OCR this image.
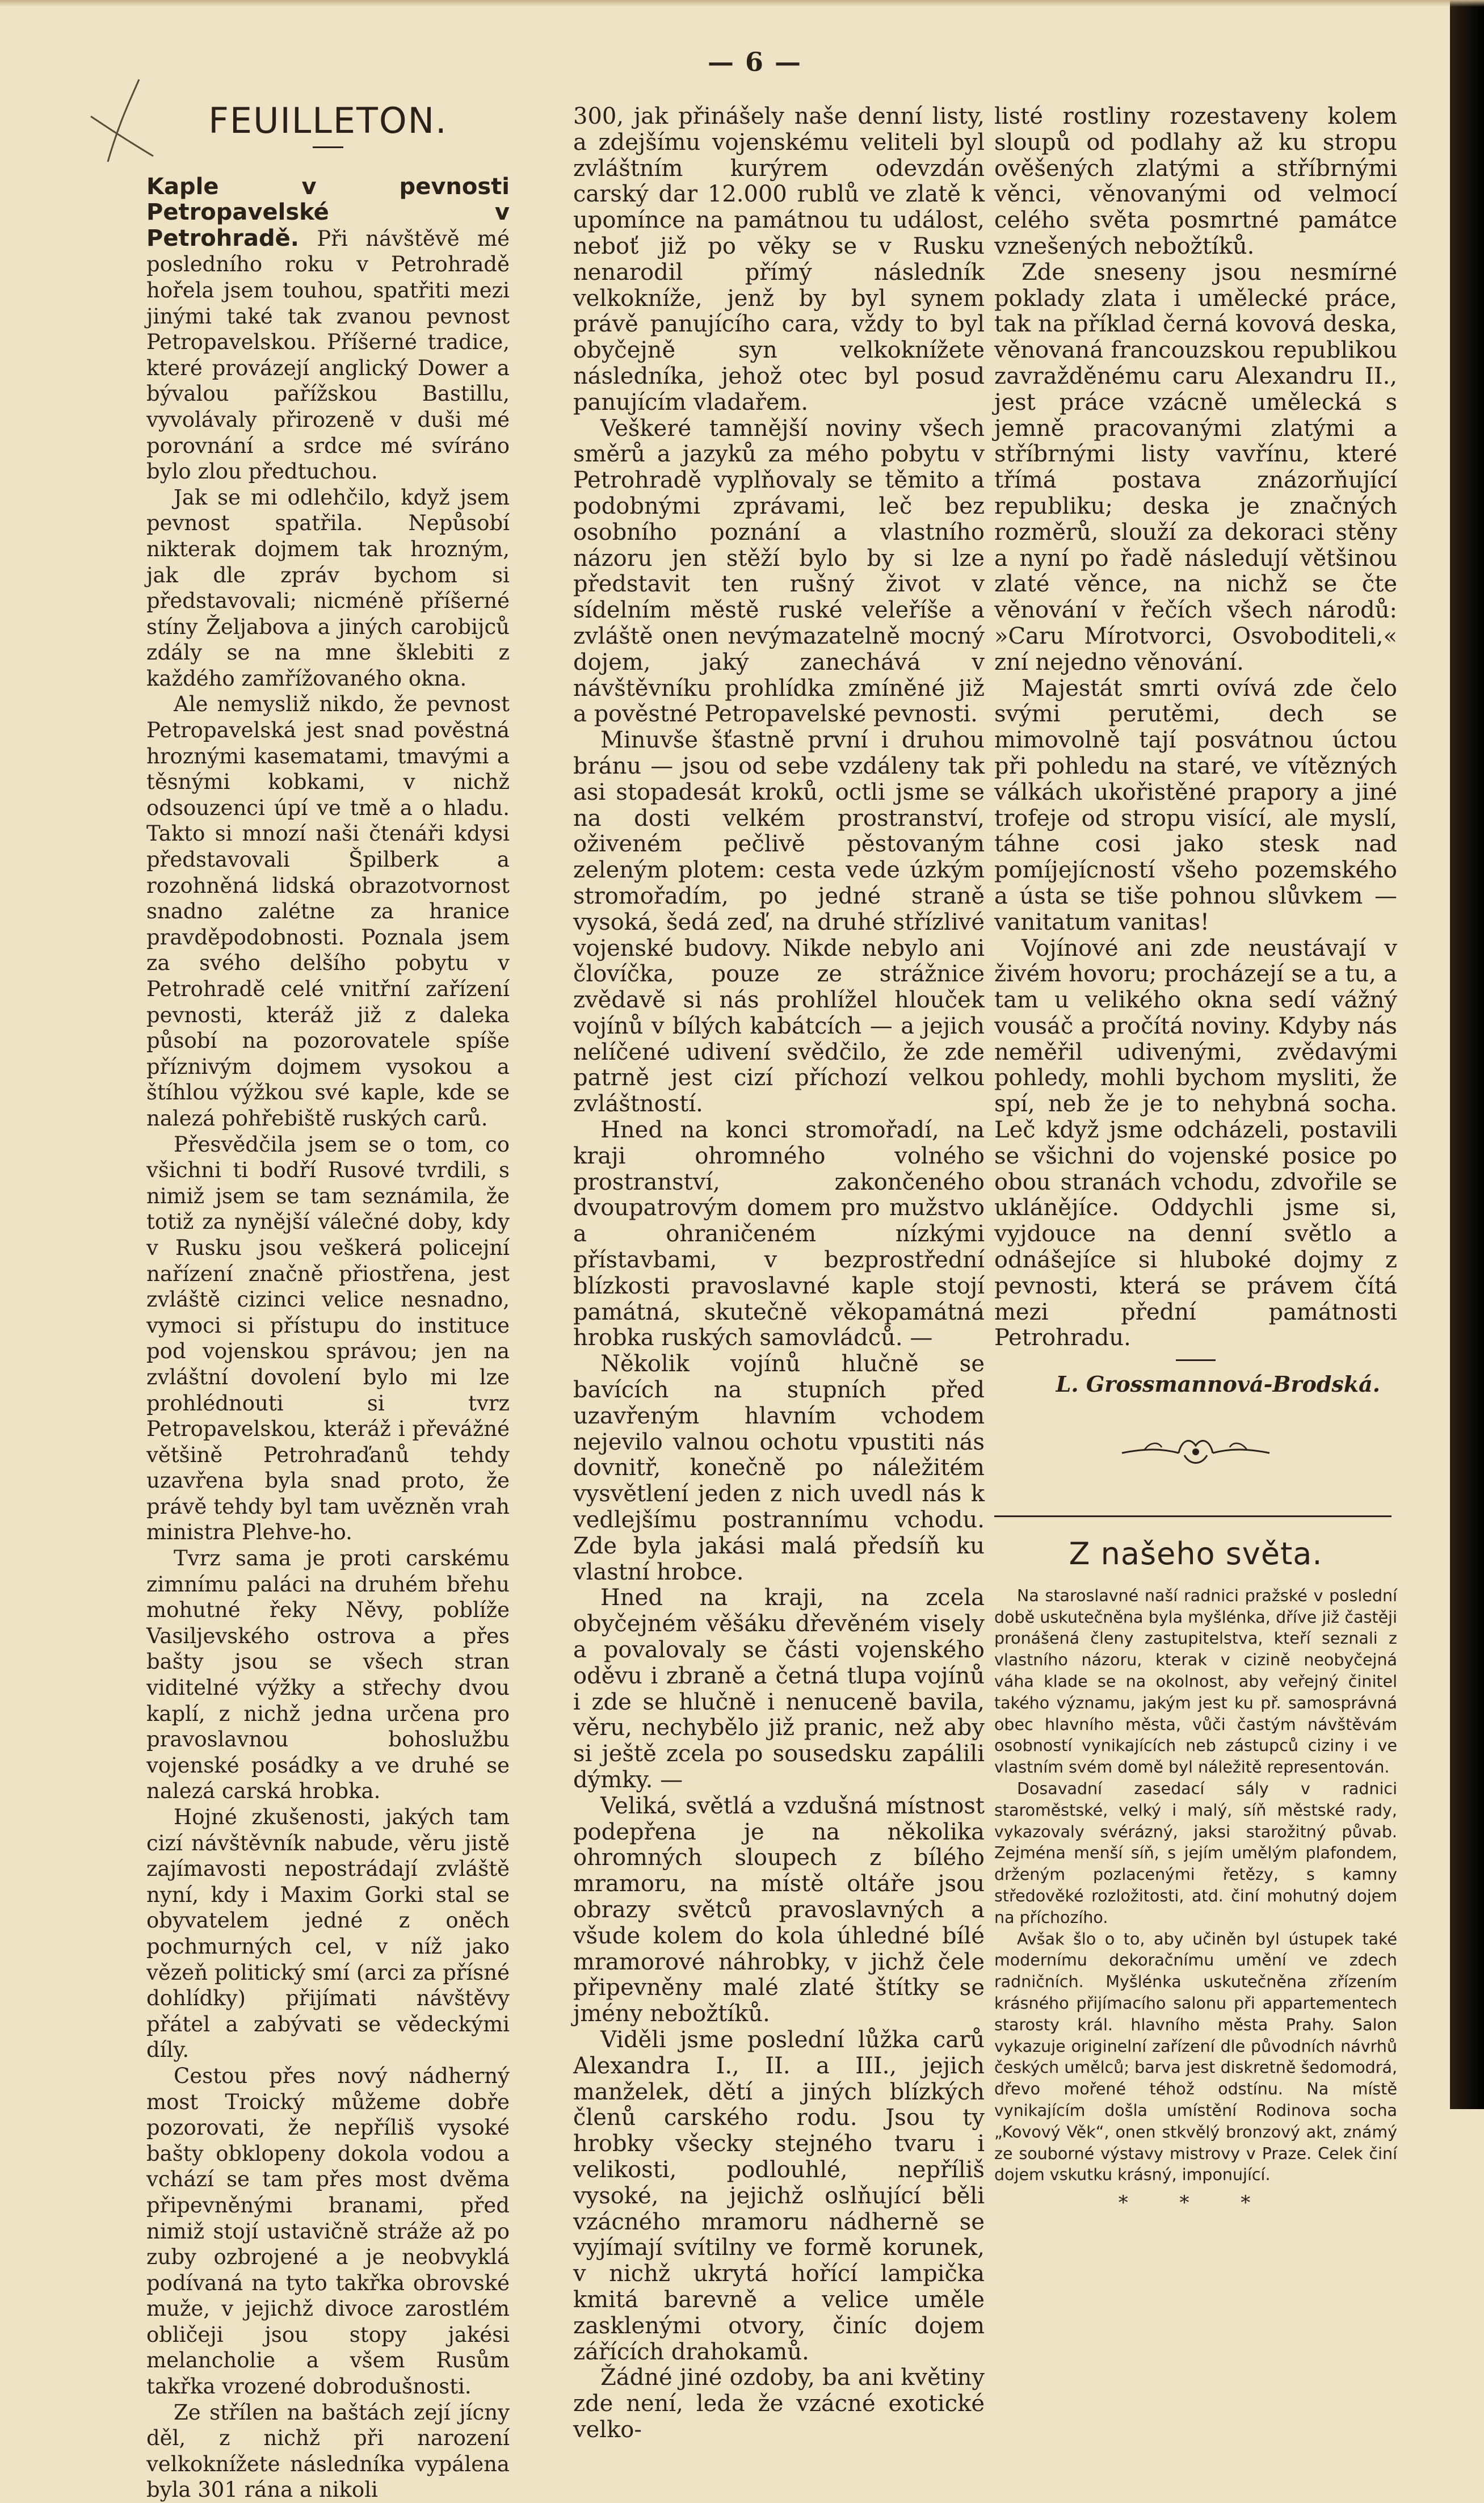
— 6 —
FEUILLETON.

Kaple v pevnosti Petropavelské v Petrohradě. Při návštěvě mé posledního roku v Petrohradě hořela jsem touhou, spatřiti mezi jinými také tak zvanou pevnost Petropavelskou. Příšerné tradice, které provázejí anglický Dower a bývalou pařížskou Bastillu, vyvolávaly přirozeně v duši mé porovnání a srdce mé svíráno bylo zlou předtuchou.

Jak se mi odlehčilo, když jsem pevnost spatřila. Nepůsobí nikterak dojmem tak hrozným, jak dle zpráv bychom si představovali; nicméně příšerné stíny Željabova a jiných carobijců zdály se na mne šklebiti z každého zamřížovaného okna.

Ale nemysliž nikdo, že pevnost Petropavelská jest snad pověstná hroznými kasematami, tmavými a těsnými kobkami, v nichž odsouzenci úpí ve tmě a o hladu. Takto si mnozí naši čtenáři kdysi představovali Špilberk a rozohněná lidská obrazotvornost snadno zalétne za hranice pravděpodobnosti. Poznala jsem za svého delšího pobytu v Petrohradě celé vnitřní zařízení pevnosti, kteráž již z daleka působí na pozorovatele spíše příznivým dojmem vysokou a štíhlou výžkou své kaple, kde se nalezá pohřebiště ruských carů.

Přesvědčila jsem se o tom, co všichni ti bodří Rusové tvrdili, s nimiž jsem se tam seznámila, že totiž za nynější válečné doby, kdy v Rusku jsou veškerá policejní nařízení značně přiostřena, jest zvláště cizinci velice nesnadno, vymoci si přístupu do instituce pod vojenskou správou; jen na zvláštní dovolení bylo mi lze prohlédnouti si tvrz Petropavelskou, kteráž i převážné většině Petrohraďanů tehdy uzavřena byla snad proto, že právě tehdy byl tam uvězněn vrah ministra Plehve-ho.

Tvrz sama je proti carskému zimnímu paláci na druhém břehu mohutné řeky Něvy, poblíže Vasiljevského ostrova a přes bašty jsou se všech stran viditelné výžky a střechy dvou kaplí, z nichž jedna určena pro pravoslavnou bohoslužbu vojenské posádky a ve druhé se nalezá carská hrobka.

Hojné zkušenosti, jakých tam cizí návštěvník nabude, věru jistě zajímavosti nepostrádají zvláště nyní, kdy i Maxim Gorki stal se obyvatelem jedné z oněch pochmurných cel, v níž jako vězeň politický smí (arci za přísné dohlídky) přijímati návštěvy přátel a zabývati se vědeckými díly.

Cestou přes nový nádherný most Troický můžeme dobře pozorovati, že nepříliš vysoké bašty obklopeny dokola vodou a vchází se tam přes most dvěma připevněnými branami, před nimiž stojí ustavičně stráže až po zuby ozbrojené a je neobvyklá podívaná na tyto takřka obrovské muže, v jejichž divoce zarostlém obličeji jsou stopy jakési melancholie a všem Rusům takřka vrozené dobrodušnosti.

Ze střílen na baštách zejí jícny děl, z nichž při narození velkoknížete následníka vypálena byla 301 rána a nikoli

300, jak přinášely naše denní listy, a zdejšímu vojenskému veliteli byl zvláštním kurýrem odevzdán carský dar 12.000 rublů ve zlatě k upomínce na památnou tu událost, neboť již po věky se v Rusku nenarodil přímý následník velkoknížе, jenž by byl synem právě panujícího cara, vždy to byl obyčejně syn velkoknížete následníka, jehož otec byl posud panujícím vladařem.

Veškeré tamnější noviny všech směrů a jazyků za mého pobytu v Petrohradě vyplňovaly se těmito a podobnými zprávami, leč bez osobního poznání a vlastního názoru jen stěží bylo by si lze představit ten rušný život v sídelním městě ruské veleříše a zvláště onen nevýmazatelně mocný dojem, jaký zanechává v návštěvníku prohlídka zmíněné již a pověstné Petropavelské pevnosti.

Minuvše šťastně první i druhou bránu — jsou od sebe vzdáleny tak asi stopadesát kroků, octli jsme se na dosti velkém prostranství, oživeném pečlivě pěstovaným zeleným plotem: cesta vede úzkým stromořadím, po jedné straně vysoká, šedá zeď, na druhé střízlivé vojenské budovy. Nikde nebylo ani človíčka, pouze ze strážnice zvědavě si nás prohlížel hlouček vojínů v bílých kabátcích — a jejich nelíčené udivení svědčilo, že zde patrně jest cizí příchozí velkou zvláštností.

Hned na konci stromořadí, na kraji ohromného volného prostranství, zakončeného dvoupatrovým domem pro mužstvo a ohraničeném nízkými přístavbami, v bezprostřední blízkosti pravoslavné kaple stojí památná, skutečně věkopamátná hrobka ruských samovládců. —

Několik vojínů hlučně se bavících na stupních před uzavřeným hlavním vchodem nejevilo valnou ochotu vpustiti nás dovnitř, konečně po náležitém vysvětlení jeden z nich uvedl nás k vedlejšímu postrannímu vchodu. Zde byla jakási malá předsíň ku vlastní hrobce.

Hned na kraji, na zcela obyčejném věšáku dřevěném visely a povalovaly se části vojenského oděvu i zbraně a četná tlupa vojínů i zde se hlučně i nenuceně bavila, věru, nechybělo již pranic, než aby si ještě zcela po sousedsku zapálili dýmky. —

Veliká, světlá a vzdušná místnost podepřena je na několika ohromných sloupech z bílého mramoru, na místě oltáře jsou obrazy světců pravoslavných a všude kolem do kola úhledné bílé mramorové náhrobky, v jichž čele připevněny malé zlaté štítky se jmény nebožtíků.

Viděli jsme poslední lůžka carů Alexandra I., II. a III., jejich manželek, dětí a jiných blízkých členů carského rodu. Jsou ty hrobky všecky stejného tvaru i velikosti, podlouhlé, nepříliš vysoké, na jejichž oslňující běli vzácného mramoru nádherně se vyjímají svítilny ve formě korunek, v nichž ukrytá hořící lampička kmitá barevně a velice uměle zasklenými otvory, činíc dojem zářících drahokamů.

Žádné jiné ozdoby, ba ani květiny zde není, leda že vzácné exotické velko-

listé rostliny rozestaveny kolem sloupů od podlahy až ku stropu ověšených zlatými a stříbrnými věnci, věnovanými od velmocí celého světa posmrtné památce vznešených nebožtíků.

Zde sneseny jsou nesmírné poklady zlata i umělecké práce, tak na příklad černá kovová deska, věnovaná francouzskou republikou zavražděnému caru Alexandru II., jest práce vzácně umělecká s jemně pracovanými zlatými a stříbrnými listy vavřínu, které třímá postava znázorňující republiku; deska je značných rozměrů, slouží za dekoraci stěny a nyní po řadě následují většinou zlaté věnce, na nichž se čte věnování v řečích všech národů: »Caru Mírotvorci, Osvoboditeli,« zní nejedno věnování.

Majestát smrti ovívá zde čelo svými perutěmi, dech se mimovolně tají posvátnou úctou při pohledu na staré, ve vítězných válkách ukořistěné prapory a jiné trofeje od stropu visící, ale myslí, táhne cosi jako stesk nad pomíjejícností všeho pozemského a ústa se tiše pohnou slůvkem — vanitatum vanitas!

Vojínové ani zde neustávají v živém hovoru; procházejí se a tu, a tam u velikého okna sedí vážný vousáč a pročítá noviny. Kdyby nás neměřil udivenými, zvědavými pohledy, mohli bychom mysliti, že spí, neb že je to nehybná socha. Leč když jsme odcházeli, postavili se všichni do vojenské posice po obou stranách vchodu, zdvořile se uklánějíce. Oddychli jsme si, vyjdouce na denní světlo a odnášejíce si hluboké dojmy z pevnosti, která se právem čítá mezi přední památnosti Petrohradu.

L. Grossmannová-Brodská.
Z našeho světa.

Na staroslavné naší radnici pražské v poslední době uskutečněna byla myšlénka, dříve již častěji pronášená členy zastupitelstva, kteří seznali z vlastního názoru, kterak v cizině neobyčejná váha klade se na okolnost, aby veřejný činitel takého významu, jakým jest ku př. samosprávná obec hlavního města, vůči častým návštěvám osobností vynikajících neb zástupců ciziny i ve vlastním svém domě byl náležitě representován.

Dosavadní zasedací sály v radnici staroměstské, velký i malý, síň městské rady, vykazovaly svérázný, jaksi starožitný půvab. Zejména menší síň, s jejím umělým plafondem, drženým pozlacenými řetězy, s kamny středověké rozložitosti, atd. činí mohutný dojem na příchozího.

Avšak šlo o to, aby učiněn byl ústupek také modernímu dekoračnímu umění ve zdech radničních. Myšlénka uskutečněna zřízením krásného přijímacího salonu při appartementech starosty král. hlavního města Prahy. Salon vykazuje originelní zařízení dle původních návrhů českých umělců; barva jest diskretně šedomodrá, dřevo mořené téhož odstínu. Na místě vynikajícím došla umístění Rodinova socha „Kovový Věk“, onen stkvělý bronzový akt, známý ze souborné výstavy mistrovy v Praze. Celek činí dojem vskutku krásný, imponující.

* * *
